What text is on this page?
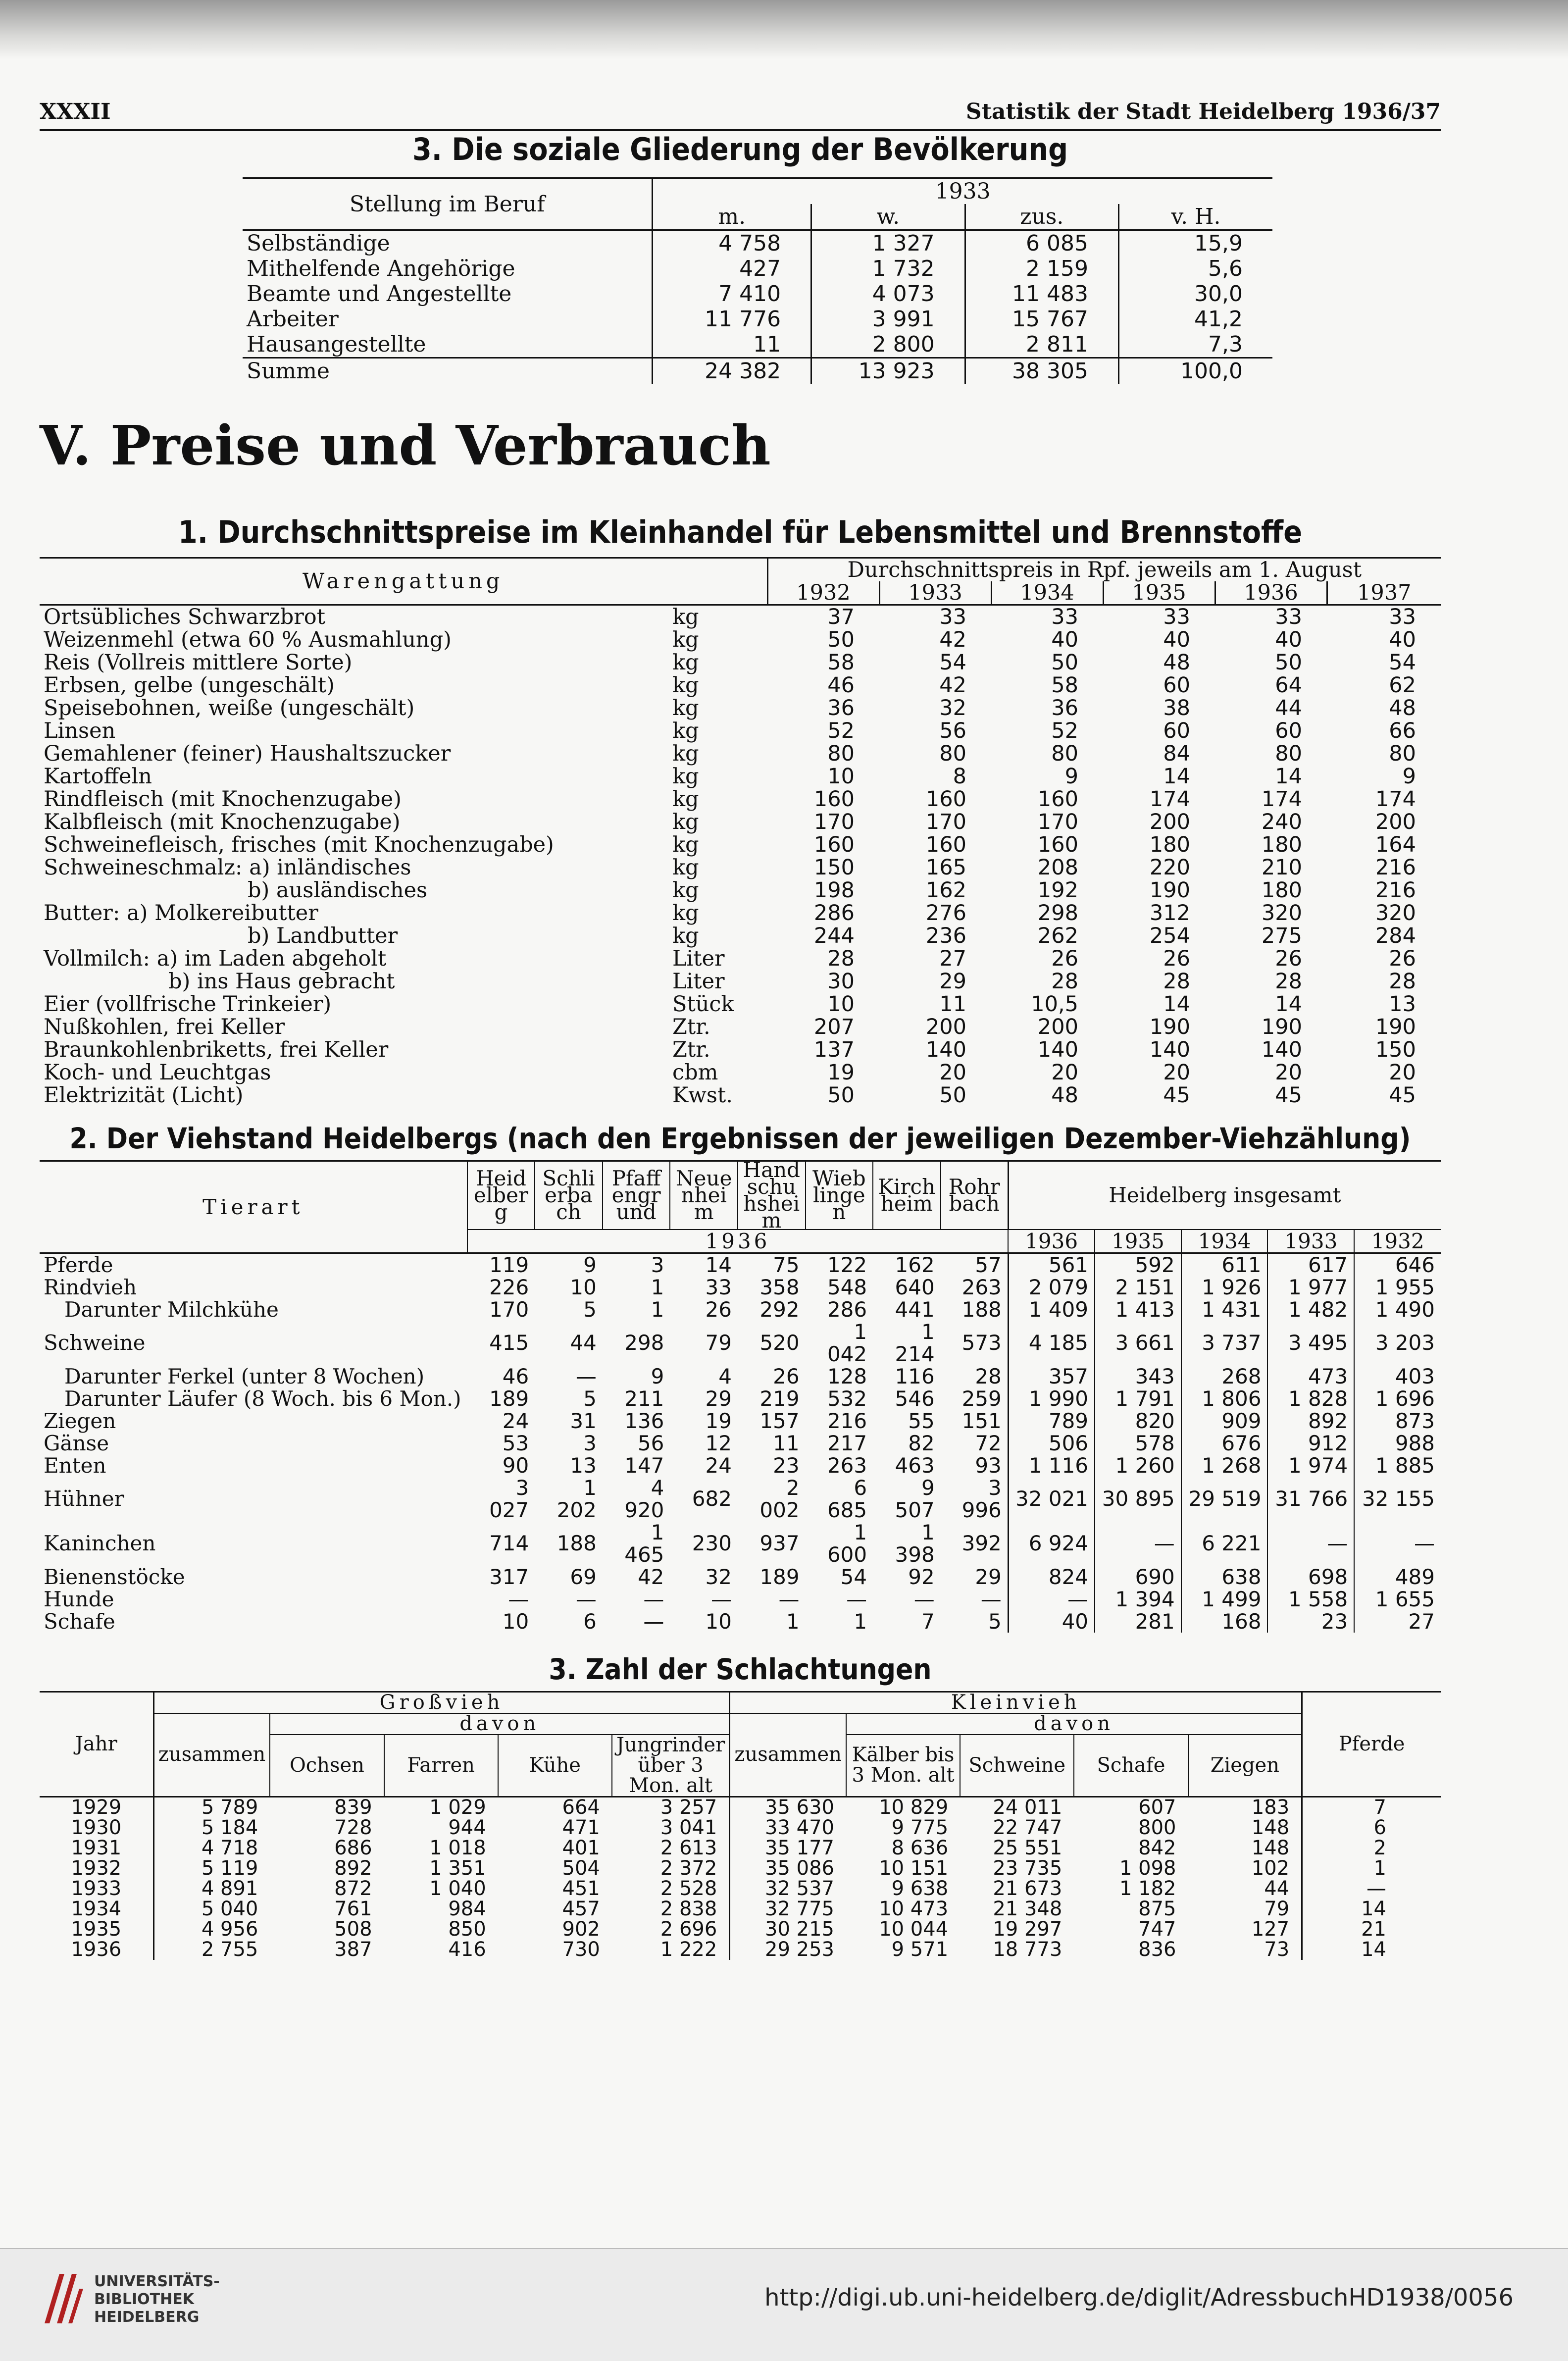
XXXII	Statistik der Stadt Heidelberg 1936/37
3. Die soziale Gliederung der Bevölkerung
Stellung im Beruf	1933			
	m.	w.	zus.	v. H.
Selbständige	4 758	1 327	6 085	15,9
Mithelfende Angehörige	427	1 732	2 159	5,6
Beamte und Angestellte	7 410	4 073	11 483	30,0
Arbeiter	11 776	3 991	15 767	41,2
Hausangestellte	11	2 800	2 811	7,3
Summe	24 382	13 923	38 305	100,0
V. Preise und Verbrauch
1. Durchschnittspreise im Kleinhandel für Lebensmittel und Brennstoffe
Warengattung		Durchschnittspreis in Rpf. jeweils am 1. August					
		1932	1933	1934	1935	1936	1937
Ortsübliches Schwarzbrot	kg	37	33	33	33	33	33
Weizenmehl (etwa 60 % Ausmahlung)	kg	50	42	40	40	40	40
Reis (Vollreis mittlere Sorte)	kg	58	54	50	48	50	54
Erbsen, gelbe (ungeschält)	kg	46	42	58	60	64	62
Speisebohnen, weiße (ungeschält)	kg	36	32	36	38	44	48
Linsen	kg	52	56	52	60	60	66
Gemahlener (feiner) Haushaltszucker	kg	80	80	80	84	80	80
Kartoffeln	kg	10	8	9	14	14	9
Rindfleisch (mit Knochenzugabe)	kg	160	160	160	174	174	174
Kalbfleisch (mit Knochenzugabe)	kg	170	170	170	200	240	200
Schweinefleisch, frisches (mit Knochenzugabe)	kg	160	160	160	180	180	164
Schweineschmalz: a) inländisches	kg	150	165	208	220	210	216
b) ausländisches	kg	198	162	192	190	180	216
Butter: a) Molkereibutter	kg	286	276	298	312	320	320
b) Landbutter	kg	244	236	262	254	275	284
Vollmilch: a) im Laden abgeholt	Liter	28	27	26	26	26	26
b) ins Haus gebracht	Liter	30	29	28	28	28	28
Eier (vollfrische Trinkeier)	Stück	10	11	10,5	14	14	13
Nußkohlen, frei Keller	Ztr.	207	200	200	190	190	190
Braunkohlenbriketts, frei Keller	Ztr.	137	140	140	140	140	150
Koch- und Leuchtgas	cbm	19	20	20	20	20	20
Elektrizität (Licht)	Kwst.	50	50	48	45	45	45
2. Der Viehstand Heidelbergs (nach den Ergebnissen der jeweiligen Dezember-Viehzählung)
Tierart	Heidelberg	Schlierbach	Pfaffengrund	Neuenheim	Handschuhsheim	Wieblingen	Kirchheim	Rohrbach	Heidelberg insgesamt				
	1936								1936	1935	1934	1933	1932
Pferde	119	9	3	14	75	122	162	57	561	592	611	617	646
Rindvieh	226	10	1	33	358	548	640	263	2 079	2 151	1 926	1 977	1 955
Darunter Milchkühe	170	5	1	26	292	286	441	188	1 409	1 413	1 431	1 482	1 490
Schweine	415	44	298	79	520	1 042	1 214	573	4 185	3 661	3 737	3 495	3 203
Darunter Ferkel (unter 8 Wochen)	46	—	9	4	26	128	116	28	357	343	268	473	403
Darunter Läufer (8 Woch. bis 6 Mon.)	189	5	211	29	219	532	546	259	1 990	1 791	1 806	1 828	1 696
Ziegen	24	31	136	19	157	216	55	151	789	820	909	892	873
Gänse	53	3	56	12	11	217	82	72	506	578	676	912	988
Enten	90	13	147	24	23	263	463	93	1 116	1 260	1 268	1 974	1 885
Hühner	3 027	1 202	4 920	682	2 002	6 685	9 507	3 996	32 021	30 895	29 519	31 766	32 155
Kaninchen	714	188	1 465	230	937	1 600	1 398	392	6 924	—	6 221	—	—
Bienenstöcke	317	69	42	32	189	54	92	29	824	690	638	698	489
Hunde	—	—	—	—	—	—	—	—	—	1 394	1 499	1 558	1 655
Schafe	10	6	—	10	1	1	7	5	40	281	168	23	27
3. Zahl der Schlachtungen
Jahr	Großvieh					Kleinvieh					Pferde
	zusammen	davon				zusammen	davon				
		Ochsen	Farren	Kühe	Jungrinder über 3 Mon. alt		Kälber bis 3 Mon. alt	Schweine	Schafe	Ziegen	
1929	5 789	839	1 029	664	3 257	35 630	10 829	24 011	607	183	7
1930	5 184	728	944	471	3 041	33 470	9 775	22 747	800	148	6
1931	4 718	686	1 018	401	2 613	35 177	8 636	25 551	842	148	2
1932	5 119	892	1 351	504	2 372	35 086	10 151	23 735	1 098	102	1
1933	4 891	872	1 040	451	2 528	32 537	9 638	21 673	1 182	44	—
1934	5 040	761	984	457	2 838	32 775	10 473	21 348	875	79	14
1935	4 956	508	850	902	2 696	30 215	10 044	19 297	747	127	21
1936	2 755	387	416	730	1 222	29 253	9 571	18 773	836	73	14
UNIVERSITÄTS-
BIBLIOTHEK
HEIDELBERG
http://digi.ub.uni-heidelberg.de/diglit/AdressbuchHD1938/0056
